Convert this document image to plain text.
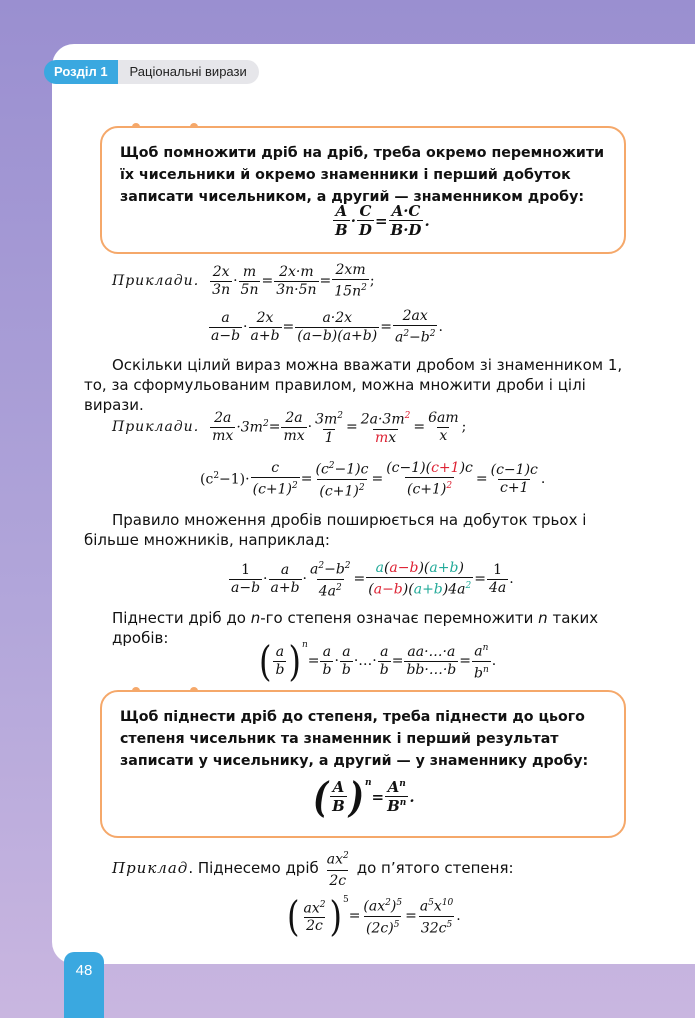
Розділ 1	Раціональні вирази
Щоб помножити дріб на дріб, треба окремо перемножити їх чисельники й окремо знаменники і перший добуток записати чисельником, а другий — знаменником дробу:
$\frac{A}{B} \cdot \frac{C}{D} = \frac{A\cdot C}{B\cdot D}$ .
Приклади. $\frac{2x}{3n} \cdot \frac{m}{5n} = \frac{2x\cdot m}{3n\cdot 5n} = \frac{2xm}{15n^2}$ ;
$\frac{a}{a-b} \cdot \frac{2x}{a+b} = \frac{a\cdot 2x}{(a-b)(a+b)} = \frac{2ax}{a^2-b^2}$ .
Оскільки цілий вираз можна вважати дробом зі знаменником 1, то, за сформульованим правилом, можна множити дроби і цілі вирази.
Приклади. $\frac{2a}{mx} \cdot 3m^2 = \frac{2a}{mx} \cdot \frac{3m^2}{1} = \frac{2a\cdot 3m^2}{mx} = \frac{6am}{x}$ ;
$(c^2-1)\cdot \frac{c}{(c+1)^2} = \frac{(c^2-1)c}{(c+1)^2} = \frac{(c-1)(c+1)c}{(c+1)^2} = \frac{(c-1)c}{c+1}$ .
Правило множення дробів поширюється на добуток трьох і більше множників, наприклад:
$\frac{1}{a-b} \cdot \frac{a}{a+b} \cdot \frac{a^2-b^2}{4a^2} = \frac{a(a-b)(a+b)}{(a-b)(a+b)4a^2} = \frac{1}{4a}$ .
Піднести дріб до n-го степеня означає перемножити n таких дробів:	( $\frac{a}{b} )^n$
= $\frac{a}{b} \cdot \frac{a}{b}$ ·…· $\frac{a}{b} = \frac{aa\cdot\dots\cdot a}{bb\cdot\dots\cdot b} = \frac{a^n}{b^n}$ .
Щоб піднести дріб до степеня, треба піднести до цього степеня чисельник та знаменник і перший результат записати у чисельнику, а другий — у знаменнику дробу:
( $\frac{A}{B} )^n$
= $\frac{A^n}{B^n}$ .
Приклад . Піднесемо дріб $\frac{ax^2}{2c}$ до п’ятого степеня:
( $\frac{ax^2}{2c} )^5$
= $\frac{(ax^2)^5}{(2c)^5} = \frac{a^5x^{10}}{32c^5}$ .
48
